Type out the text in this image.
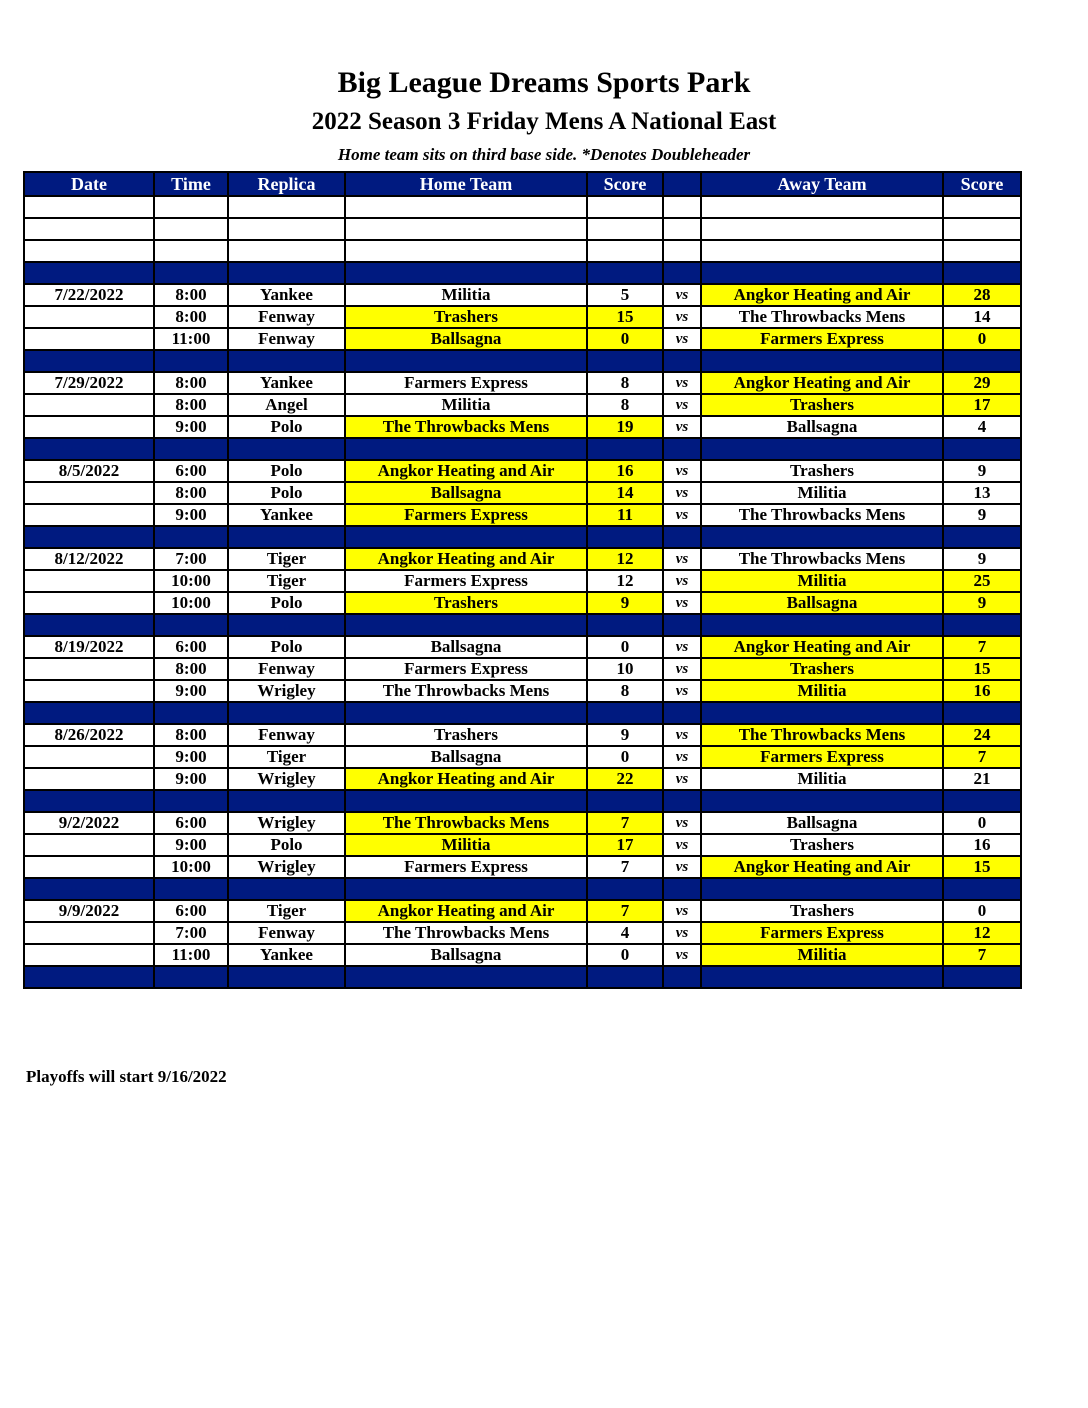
Big League Dreams Sports Park
2022 Season 3 Friday Mens A National East
Home team sits on third base side. *Denotes Doubleheader
Date	Time	Replica	Home Team	Score		Away Team	Score

7/22/2022	8:00	Yankee	Militia	5	vs	Angkor Heating and Air	28
	8:00	Fenway	Trashers	15	vs	The Throwbacks Mens	14
	11:00	Fenway	Ballsagna	0	vs	Farmers Express	0

7/29/2022	8:00	Yankee	Farmers Express	8	vs	Angkor Heating and Air	29
	8:00	Angel	Militia	8	vs	Trashers	17
	9:00	Polo	The Throwbacks Mens	19	vs	Ballsagna	4

8/5/2022	6:00	Polo	Angkor Heating and Air	16	vs	Trashers	9
	8:00	Polo	Ballsagna	14	vs	Militia	13
	9:00	Yankee	Farmers Express	11	vs	The Throwbacks Mens	9

8/12/2022	7:00	Tiger	Angkor Heating and Air	12	vs	The Throwbacks Mens	9
	10:00	Tiger	Farmers Express	12	vs	Militia	25
	10:00	Polo	Trashers	9	vs	Ballsagna	9

8/19/2022	6:00	Polo	Ballsagna	0	vs	Angkor Heating and Air	7
	8:00	Fenway	Farmers Express	10	vs	Trashers	15
	9:00	Wrigley	The Throwbacks Mens	8	vs	Militia	16

8/26/2022	8:00	Fenway	Trashers	9	vs	The Throwbacks Mens	24
	9:00	Tiger	Ballsagna	0	vs	Farmers Express	7
	9:00	Wrigley	Angkor Heating and Air	22	vs	Militia	21

9/2/2022	6:00	Wrigley	The Throwbacks Mens	7	vs	Ballsagna	0
	9:00	Polo	Militia	17	vs	Trashers	16
	10:00	Wrigley	Farmers Express	7	vs	Angkor Heating and Air	15

9/9/2022	6:00	Tiger	Angkor Heating and Air	7	vs	Trashers	0
	7:00	Fenway	The Throwbacks Mens	4	vs	Farmers Express	12
	11:00	Yankee	Ballsagna	0	vs	Militia	7

Playoffs will start 9/16/2022
